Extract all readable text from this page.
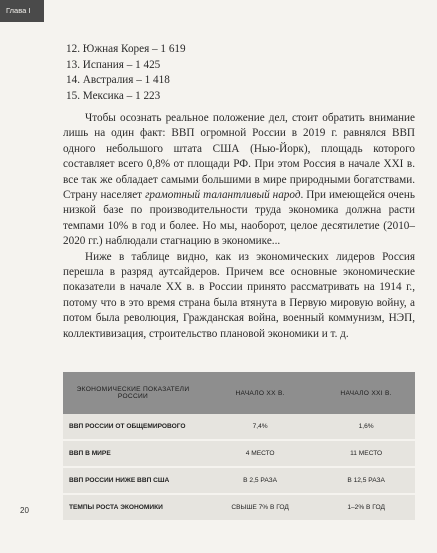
Глава I
12. Южная Корея – 1 619
13. Испания – 1 425
14. Австралия – 1 418
15. Мексика – 1 223

Чтобы осознать реальное положение дел, стоит обратить внимание лишь на один факт: ВВП огромной России в 2019 г. равнялся ВВП одного небольшого штата США (Нью-Йорк), площадь которого составляет всего 0,8% от площади РФ. При этом Россия в начале XXI в. все так же обладает самыми большими в мире природными богатствами. Страну населяет грамотный талантливый народ. При имеющейся очень низкой базе по производительности труда экономика должна расти темпами 10% в год и более. Но мы, наоборот, целое десятилетие (2010–2020 гг.) наблюдали стагнацию в экономике...

Ниже в таблице видно, как из экономических лидеров Россия перешла в разряд аутсайдеров. Причем все основные экономические показатели в начале XX в. в России принято рассматривать на 1914 г., потому что в это время страна была втянута в Первую мировую войну, а потом была революция, Гражданская война, военный коммунизм, НЭП, коллективизация, строительство плановой экономики и т. д.

ЭКОНОМИЧЕСКИЕ ПОКАЗАТЕЛИ РОССИИ	НАЧАЛО XX В.	НАЧАЛО XXI В.
ВВП РОССИИ ОТ ОБЩЕМИРОВОГО	7,4%	1,6%
ВВП В МИРЕ	4 МЕСТО	11 МЕСТО
ВВП РОССИИ НИЖЕ ВВП США	В 2,5 РАЗА	В 12,5 РАЗА
ТЕМПЫ РОСТА ЭКОНОМИКИ	СВЫШЕ 7% В ГОД	1–2% В ГОД
20
